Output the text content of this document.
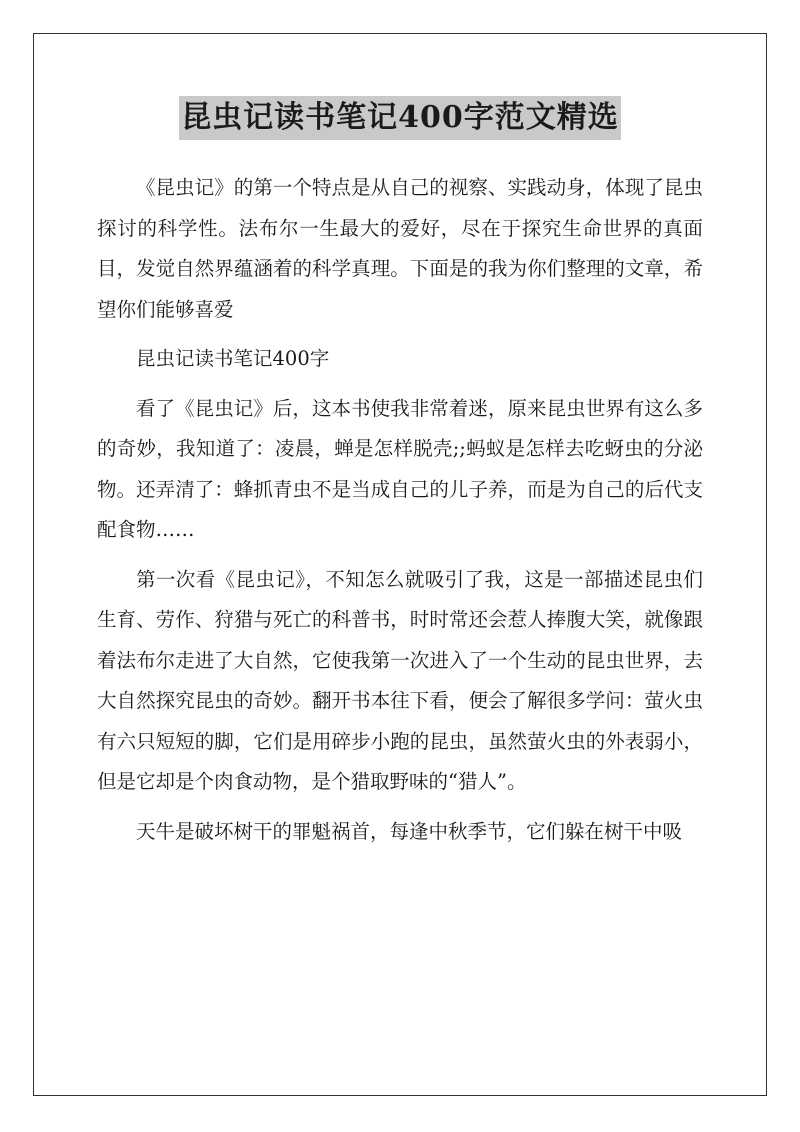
昆虫记读书笔记400字范文精选

《昆虫记》的第一个特点是从自己的视察、实践动身，体现了昆虫探讨的科学性。法布尔一生最大的爱好，尽在于探究生命世界的真面目，发觉自然界蕴涵着的科学真理。下面是的我为你们整理的文章，希望你们能够喜爱

昆虫记读书笔记400字

看了《昆虫记》后，这本书使我非常着迷，原来昆虫世界有这么多的奇妙，我知道了：凌晨，蝉是怎样脱壳;;蚂蚁是怎样去吃蚜虫的分泌物。还弄清了：蜂抓青虫不是当成自己的儿子养，而是为自己的后代支配食物……

第一次看《昆虫记》，不知怎么就吸引了我，这是一部描述昆虫们生育、劳作、狩猎与死亡的科普书，时时常还会惹人捧腹大笑，就像跟着法布尔走进了大自然，它使我第一次进入了一个生动的昆虫世界，去大自然探究昆虫的奇妙。翻开书本往下看，便会了解很多学问：萤火虫有六只短短的脚，它们是用碎步小跑的昆虫，虽然萤火虫的外表弱小，但是它却是个肉食动物，是个猎取野味的“猎人”。

天牛是破坏树干的罪魁祸首，每逢中秋季节，它们躲在树干中吸
